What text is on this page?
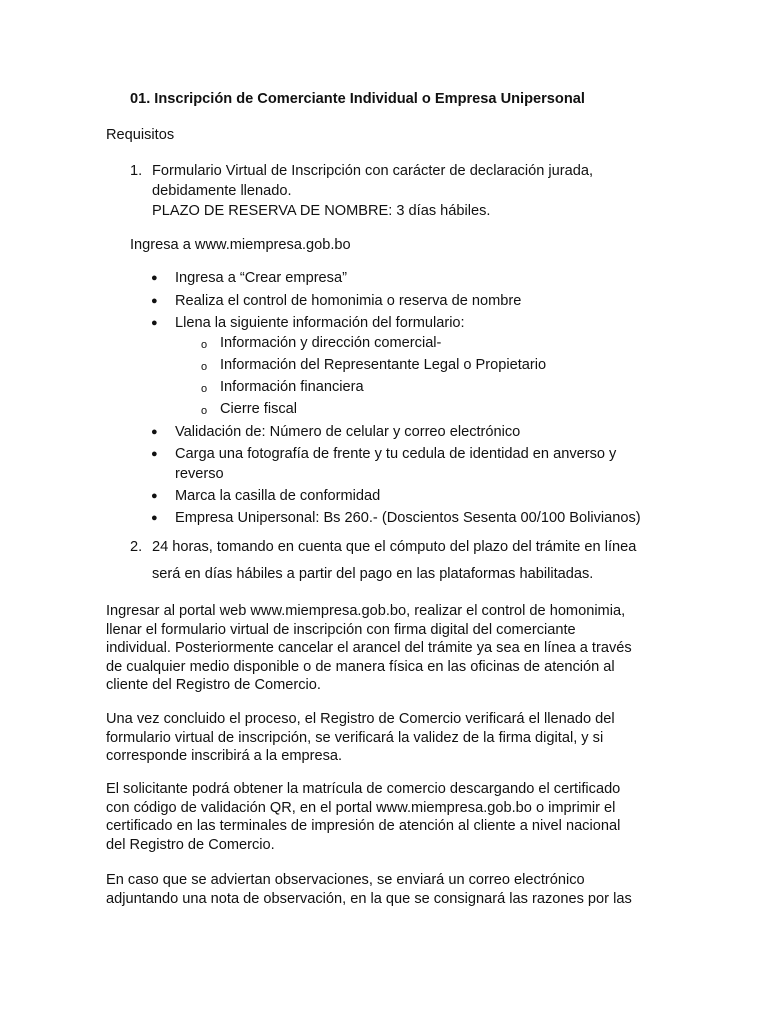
01. Inscripción de Comerciante Individual o Empresa Unipersonal
Requisitos
1. Formulario Virtual de Inscripción con carácter de declaración jurada,
debidamente llenado.
PLAZO DE RESERVA DE NOMBRE: 3 días hábiles.
Ingresa a www.miempresa.gob.bo
● Ingresa a “Crear empresa”
● Realiza el control de homonimia o reserva de nombre
● Llena la siguiente información del formulario:
o Información y dirección comercial-
o Información del Representante Legal o Propietario
o Información financiera
o Cierre fiscal
● Validación de: Número de celular y correo electrónico
● Carga una fotografía de frente y tu cedula de identidad en anverso y
reverso
● Marca la casilla de conformidad
● Empresa Unipersonal: Bs 260.- (Doscientos Sesenta 00/100 Bolivianos)
2. 24 horas, tomando en cuenta que el cómputo del plazo del trámite en línea
será en días hábiles a partir del pago en las plataformas habilitadas.
Ingresar al portal web www.miempresa.gob.bo, realizar el control de homonimia,
llenar el formulario virtual de inscripción con firma digital del comerciante
individual. Posteriormente cancelar el arancel del trámite ya sea en línea a través
de cualquier medio disponible o de manera física en las oficinas de atención al
cliente del Registro de Comercio.
Una vez concluido el proceso, el Registro de Comercio verificará el llenado del
formulario virtual de inscripción, se verificará la validez de la firma digital, y si
corresponde inscribirá a la empresa.
El solicitante podrá obtener la matrícula de comercio descargando el certificado
con código de validación QR, en el portal www.miempresa.gob.bo o imprimir el
certificado en las terminales de impresión de atención al cliente a nivel nacional
del Registro de Comercio.
En caso que se adviertan observaciones, se enviará un correo electrónico
adjuntando una nota de observación, en la que se consignará las razones por las
